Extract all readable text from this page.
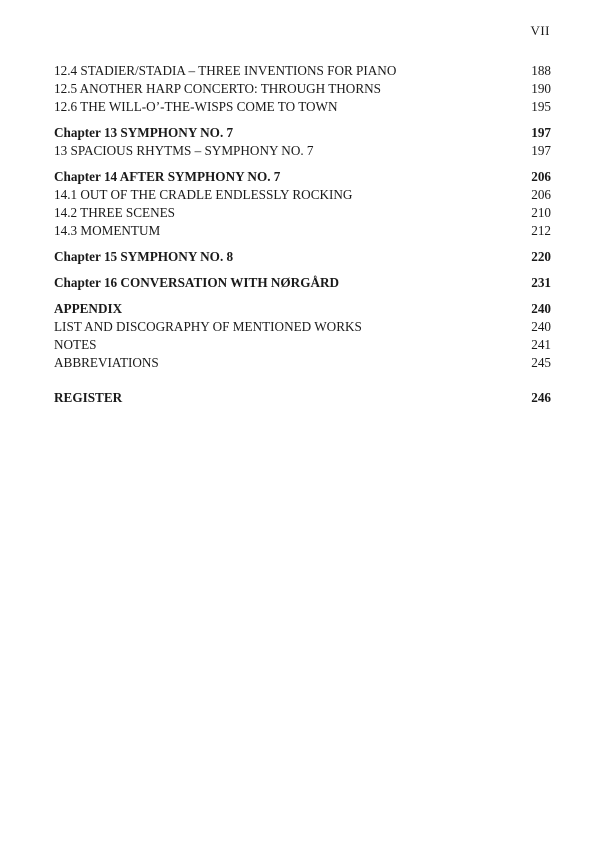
VII
12.4 STADIER/STADIA – THREE INVENTIONS FOR PIANO	188
12.5 ANOTHER HARP CONCERTO: THROUGH THORNS	190
12.6 THE WILL-O’-THE-WISPS COME TO TOWN	195
Chapter 13 SYMPHONY NO. 7	197
13 SPACIOUS RHYTMS – SYMPHONY NO. 7	197
Chapter 14 AFTER SYMPHONY NO. 7	206
14.1 OUT OF THE CRADLE ENDLESSLY ROCKING	206
14.2 THREE SCENES	210
14.3 MOMENTUM	212
Chapter 15 SYMPHONY NO. 8	220
Chapter 16 CONVERSATION WITH NØRGÅRD	231
APPENDIX	240
LIST AND DISCOGRAPHY OF MENTIONED WORKS	240
NOTES	241
ABBREVIATIONS	245
REGISTER	246
